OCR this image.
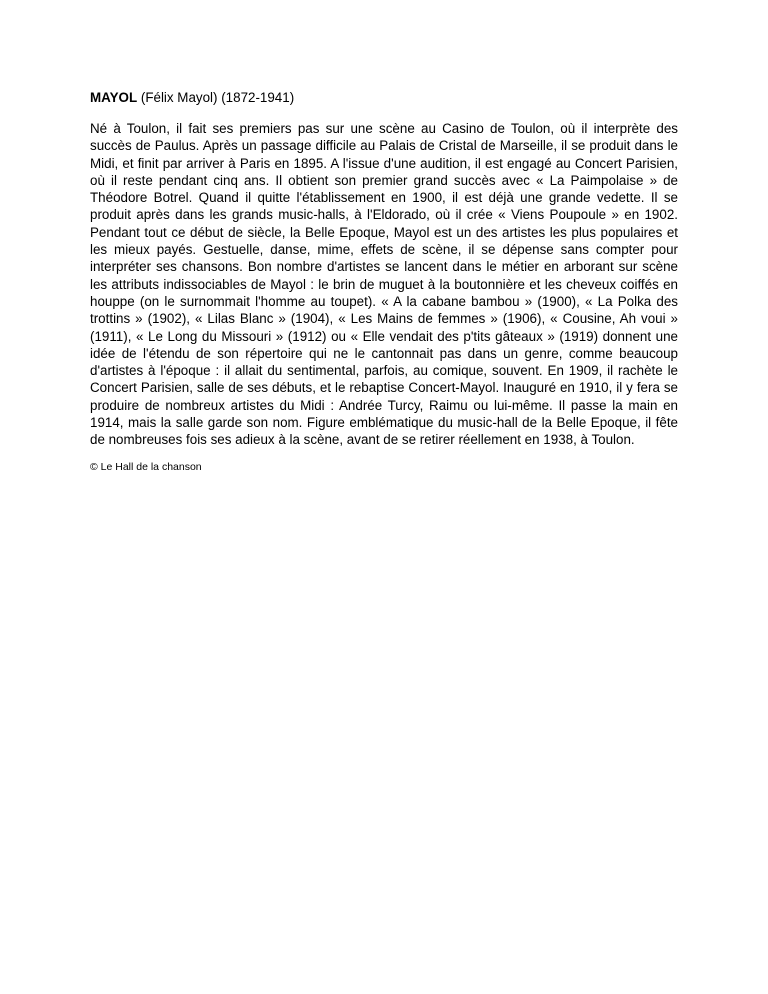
MAYOL (Félix Mayol) (1872-1941)

Né à Toulon, il fait ses premiers pas sur une scène au Casino de Toulon, où il interprète des succès de Paulus. Après un passage difficile au Palais de Cristal de Marseille, il se produit dans le Midi, et finit par arriver à Paris en 1895. A l'issue d'une audition, il est engagé au Concert Parisien, où il reste pendant cinq ans. Il obtient son premier grand succès avec « La Paimpolaise » de Théodore Botrel. Quand il quitte l'établissement en 1900, il est déjà une grande vedette. Il se produit après dans les grands music-halls, à l'Eldorado, où il crée « Viens Poupoule » en 1902. Pendant tout ce début de siècle, la Belle Epoque, Mayol est un des artistes les plus populaires et les mieux payés. Gestuelle, danse, mime, effets de scène, il se dépense sans compter pour interpréter ses chansons. Bon nombre d'artistes se lancent dans le métier en arborant sur scène les attributs indissociables de Mayol : le brin de muguet à la boutonnière et les cheveux coiffés en houppe (on le surnommait l'homme au toupet). « A la cabane bambou » (1900), « La Polka des trottins » (1902), « Lilas Blanc » (1904), « Les Mains de femmes » (1906), « Cousine, Ah voui » (1911), « Le Long du Missouri » (1912) ou « Elle vendait des p'tits gâteaux » (1919) donnent une idée de l'étendu de son répertoire qui ne le cantonnait pas dans un genre, comme beaucoup d'artistes à l'époque : il allait du sentimental, parfois, au comique, souvent. En 1909, il rachète le Concert Parisien, salle de ses débuts, et le rebaptise Concert-Mayol. Inauguré en 1910, il y fera se produire de nombreux artistes du Midi : Andrée Turcy, Raimu ou lui-même. Il passe la main en 1914, mais la salle garde son nom. Figure emblématique du music-hall de la Belle Epoque, il fête de nombreuses fois ses adieux à la scène, avant de se retirer réellement en 1938, à Toulon.

© Le Hall de la chanson
